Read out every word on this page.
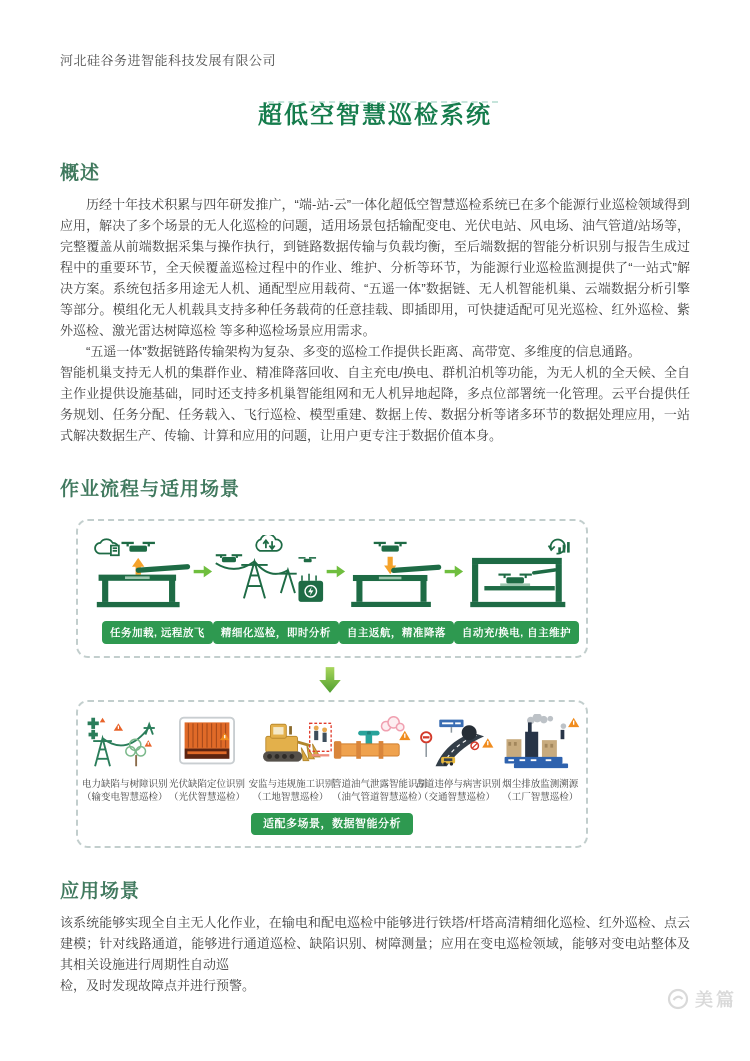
河北硅谷务进智能科技发展有限公司
超低空智慧巡检系统
概述

历经十年技术积累与四年研发推广，“端-站-云”一体化超低空智慧巡检系统已在多个能源行业巡检领域得到应用，解决了多个场景的无人化巡检的问题，适用场景包括输配变电、光伏电站、风电场、油气管道/站场等，完整覆盖从前端数据采集与操作执行，到链路数据传输与负载均衡，至后端数据的智能分析识别与报告生成过程中的重要环节，全天候覆盖巡检过程中的作业、维护、分析等环节，为能源行业巡检监测提供了“一站式”解决方案。系统包括多用途无人机、通配型应用载荷、“五遥一体”数据链、无人机智能机巢、云端数据分析引擎等部分。模组化无人机载具支持多种任务载荷的任意挂载、即插即用，可快捷适配可见光巡检、红外巡检、紫外巡检、激光雷达树障巡检 等多种巡检场景应用需求。

“五遥一体”数据链路传输架构为复杂、多变的巡检工作提供长距离、高带宽、多维度的信息通路。

智能机巢支持无人机的集群作业、精准降落回收、自主充电/换电、群机泊机等功能，为无人机的全天候、全自主作业提供设施基础，同时还支持多机巢智能组网和无人机异地起降，多点位部署统一化管理。云平台提供任务规划、任务分配、任务载入、飞行巡检、模型重建、数据上传、数据分析等诸多环节的数据处理应用，一站式解决数据生产、传输、计算和应用的问题，让用户更专注于数据价值本身。

作业流程与适用场景
任务加载, 远程放飞	精细化巡检，即时分析	自主返航，精准降落	自动充/换电, 自主维护
电力缺陷与树障识别
（输变电智慧巡检）
光伏缺陷定位识别
（光伏智慧巡检）
安监与违规施工识别
（工地智慧巡检）
管道油气泄露智能识别
（油气管道智慧巡检）
占道违停与病害识别
（交通智慧巡检）
烟尘排放监测溯源
（工厂智慧巡检）
适配多场景，数据智能分析
应用场景

该系统能够实现全自主无人化作业，在输电和配电巡检中能够进行铁塔/杆塔高清精细化巡检、红外巡检、点云建模；针对线路通道，能够进行通道巡检、缺陷识别、树障测量；应用在变电巡检领域，能够对变电站整体及其相关设施进行周期性自动巡

检，及时发现故障点并进行预警。

美篇
